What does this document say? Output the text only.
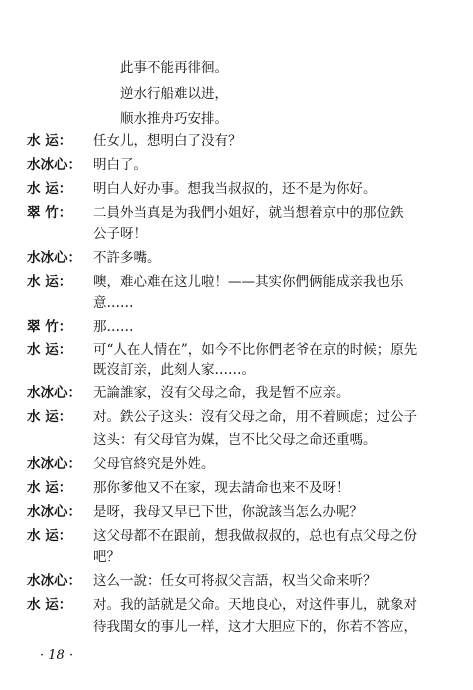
此事不能再徘徊。
逆水行船难以进，
顺水推舟巧安排。
水 运：	任女儿，想明白了没有？
水冰心： 明白了。
水 运：	明白人好办事。想我当叔叔的，还不是为你好。
翠 竹：	二員外当真是为我們小姐好，就当想着京中的那位鉄
公子呀！
水冰心： 不許多嘴。
水 运：	噢，难心难在这儿啦！——其实你們俩能成亲我也乐
意……
翠 竹：	那……
水 运：	可“人在人情在”，如今不比你們老爷在京的时候；原先
既沒訂亲，此刻人家……。
水冰心： 无論誰家，沒有父母之命，我是暂不应亲。
水 运：	对。鉄公子这头：沒有父母之命，用不着顾虑；过公子
这头：有父母官为媒，岂不比父母之命还重嗎。
水冰心： 父母官終究是外姓。
水 运：	那你爹他又不在家，现去請命也来不及呀！
水冰心： 是呀，我母又早已下世，你說該当怎么办呢？
水 运：	这父母都不在跟前，想我做叔叔的，总也有点父母之份
吧？
水冰心： 这么一說：任女可将叔父言語，权当父命来听？
水 运：	对。我的話就是父命。天地良心，对这件事儿，就象对
待我閨女的事儿一样，这才大胆应下的，你若不答应，
· 18 ·
